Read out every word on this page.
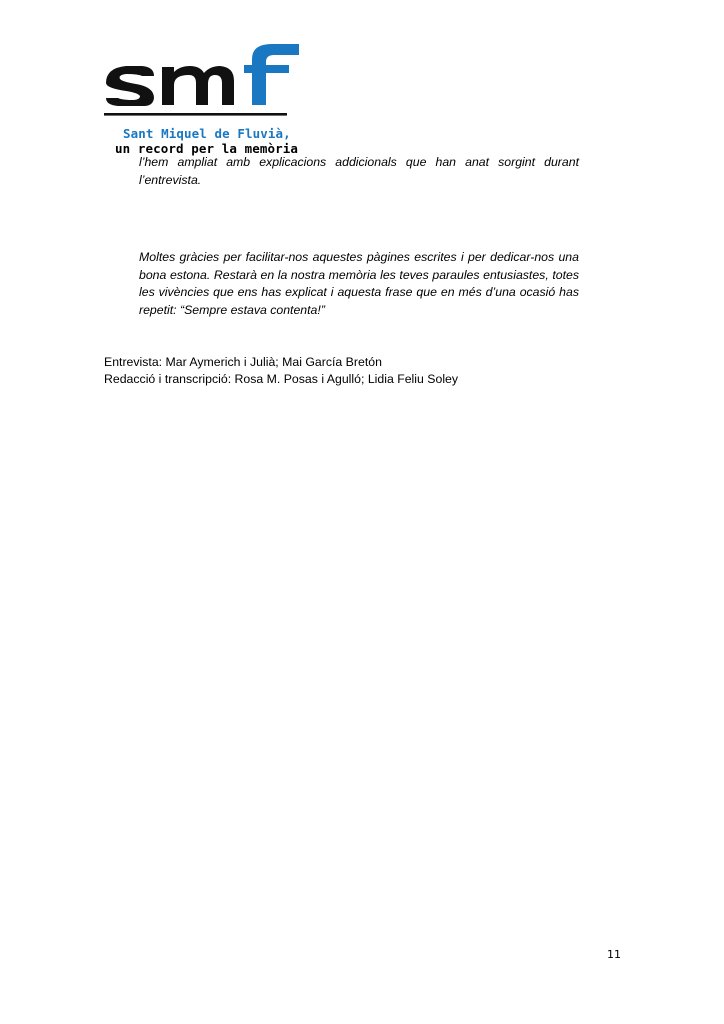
Sant Miquel de Fluvià,
un record per la memòria
l’hem ampliat amb explicacions addicionals que han anat sorgint durant
l’entrevista.
Moltes gràcies per facilitar-nos aquestes pàgines escrites i per dedicar-nos una
bona estona. Restarà en la nostra memòria les teves paraules entusiastes, totes
les vivències que ens has explicat i aquesta frase que en més d’una ocasió has
repetit: “Sempre estava contenta!”
Entrevista: Mar Aymerich i Julià; Mai García Bretón
Redacció i transcripció: Rosa M. Posas i Agulló; Lidia Feliu Soley
11
